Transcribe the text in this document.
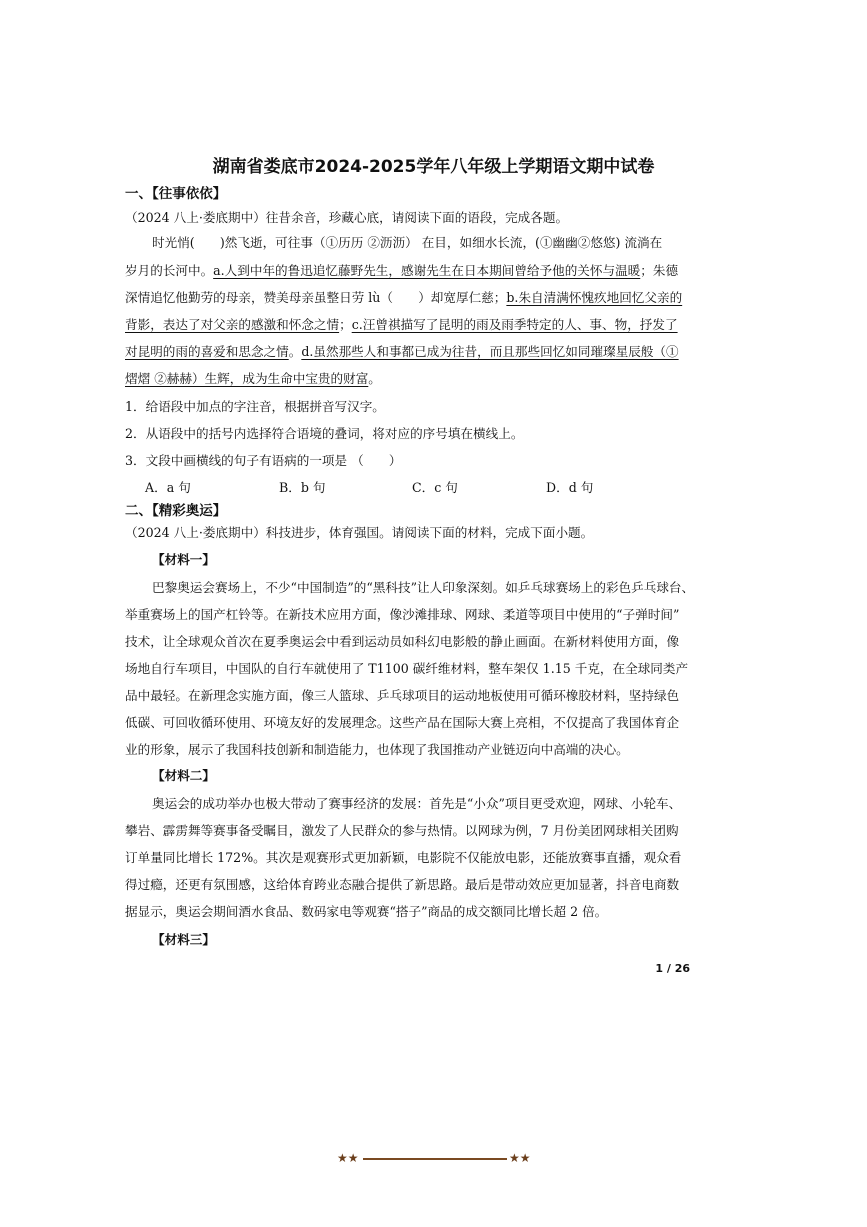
湖南省娄底市2024-2025学年八年级上学期语文期中试卷
一、【往事依依】
（2024 八上·娄底期中）往昔余音，珍藏心底，请阅读下面的语段，完成各题。
时光悄(　　)然飞逝，可往事（①历历 ②沥沥） 在目，如细水长流，(①幽幽②悠悠) 流淌在
岁月的长河中。a.人到中年的鲁迅追忆藤野先生，感谢先生在日本期间曾给予他的关怀与温暖；朱德
深情追忆他勤劳的母亲，赞美母亲虽整日劳 lù（　　）却宽厚仁慈；b.朱自清满怀愧疚地回忆父亲的
背影，表达了对父亲的感激和怀念之情；c.汪曾祺描写了昆明的雨及雨季特定的人、事、物，抒发了
对昆明的雨的喜爱和思念之情。d.虽然那些人和事都已成为往昔，而且那些回忆如同璀璨星辰般（①
熠熠 ②赫赫）生辉，成为生命中宝贵的财富。
1．给语段中加点的字注音，根据拼音写汉字。
2．从语段中的括号内选择符合语境的叠词，将对应的序号填在横线上。
3．文段中画横线的句子有语病的一项是 （　　）
A．a 句	B．b 句	C．c 句	D．d 句
二、【精彩奥运】
（2024 八上·娄底期中）科技进步，体育强国。请阅读下面的材料，完成下面小题。
【材料一】
巴黎奥运会赛场上，不少“中国制造”的“黑科技”让人印象深刻。如乒乓球赛场上的彩色乒乓球台、
举重赛场上的国产杠铃等。在新技术应用方面，像沙滩排球、网球、柔道等项目中使用的“子弹时间”
技术，让全球观众首次在夏季奥运会中看到运动员如科幻电影般的静止画面。在新材料使用方面，像
场地自行车项目，中国队的自行车就使用了 T1100 碳纤维材料，整车架仅 1.15 千克，在全球同类产
品中最轻。在新理念实施方面，像三人篮球、乒乓球项目的运动地板使用可循环橡胶材料，坚持绿色
低碳、可回收循环使用、环境友好的发展理念。这些产品在国际大赛上亮相，不仅提高了我国体育企
业的形象，展示了我国科技创新和制造能力，也体现了我国推动产业链迈向中高端的决心。
【材料二】
奥运会的成功举办也极大带动了赛事经济的发展：首先是“小众”项目更受欢迎，网球、小轮车、
攀岩、霹雳舞等赛事备受瞩目，激发了人民群众的参与热情。以网球为例，7 月份美团网球相关团购
订单量同比增长 172%。其次是观赛形式更加新颖，电影院不仅能放电影，还能放赛事直播，观众看
得过瘾，还更有氛围感，这给体育跨业态融合提供了新思路。最后是带动效应更加显著，抖音电商数
据显示，奥运会期间酒水食品、数码家电等观赛“搭子”商品的成交额同比增长超 2 倍。
【材料三】
1 / 26
★★	★★
